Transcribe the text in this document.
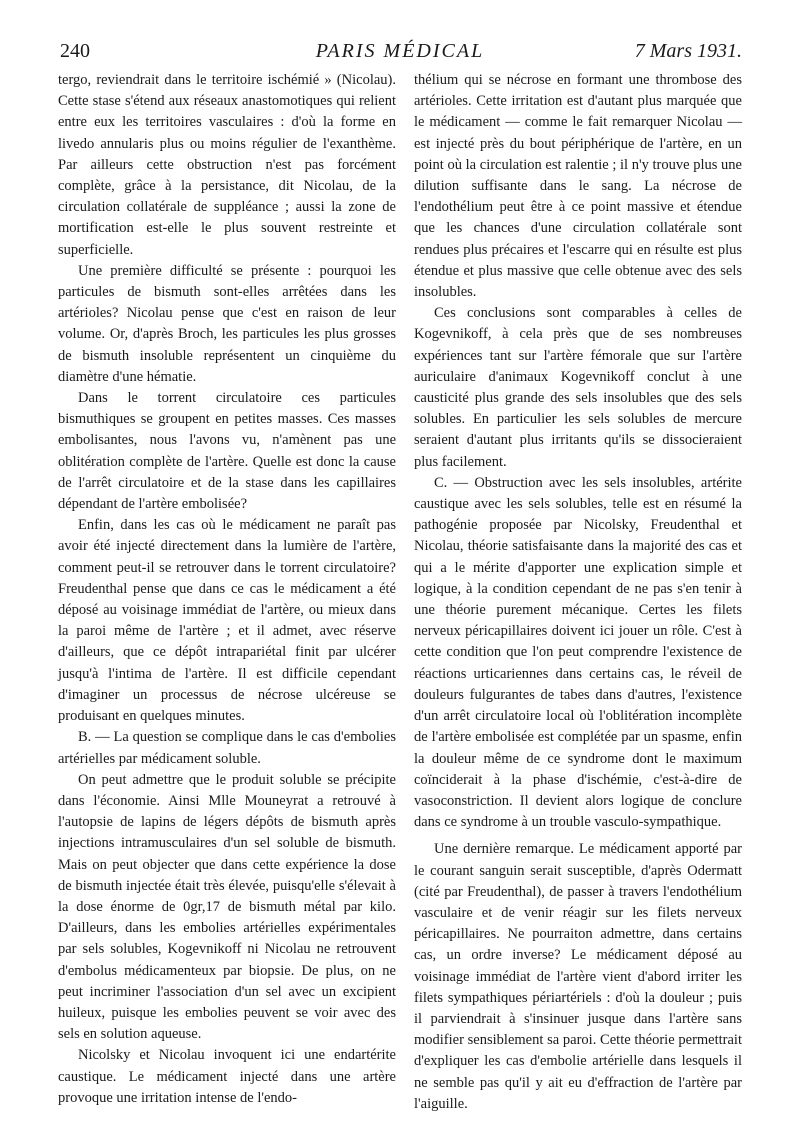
240	PARIS MÉDICAL	7 Mars 1931.

tergo, reviendrait dans le territoire ischémié » (Nicolau). Cette stase s'étend aux réseaux anastomotiques qui relient entre eux les territoires vasculaires : d'où la forme en livedo annularis plus ou moins régulier de l'exanthème. Par ailleurs cette obstruction n'est pas forcément complète, grâce à la persistance, dit Nicolau, de la circulation collatérale de suppléance ; aussi la zone de mortification est-elle le plus souvent restreinte et superficielle.

Une première difficulté se présente : pourquoi les particules de bismuth sont-elles arrêtées dans les artérioles? Nicolau pense que c'est en raison de leur volume. Or, d'après Broch, les particules les plus grosses de bismuth insoluble représentent un cinquième du diamètre d'une hématie.

Dans le torrent circulatoire ces particules bismuthiques se groupent en petites masses. Ces masses embolisantes, nous l'avons vu, n'amènent pas une oblitération complète de l'artère. Quelle est donc la cause de l'arrêt circulatoire et de la stase dans les capillaires dépendant de l'artère embolisée?

Enfin, dans les cas où le médicament ne paraît pas avoir été injecté directement dans la lumière de l'artère, comment peut-il se retrouver dans le torrent circulatoire? Freudenthal pense que dans ce cas le médicament a été déposé au voisinage immédiat de l'artère, ou mieux dans la paroi même de l'artère ; et il admet, avec réserve d'ailleurs, que ce dépôt intrapariétal finit par ulcérer jusqu'à l'intima de l'artère. Il est difficile cependant d'imaginer un processus de nécrose ulcéreuse se produisant en quelques minutes.

B. — La question se complique dans le cas d'embolies artérielles par médicament soluble.

On peut admettre que le produit soluble se précipite dans l'économie. Ainsi Mlle Mouneyrat a retrouvé à l'autopsie de lapins de légers dépôts de bismuth après injections intramusculaires d'un sel soluble de bismuth. Mais on peut objecter que dans cette expérience la dose de bismuth injectée était très élevée, puisqu'elle s'élevait à la dose énorme de 0gr,17 de bismuth métal par kilo. D'ailleurs, dans les embolies artérielles expérimentales par sels solubles, Kogevnikoff ni Nicolau ne retrouvent d'embolus médicamenteux par biopsie. De plus, on ne peut incriminer l'association d'un sel avec un excipient huileux, puisque les embolies peuvent se voir avec des sels en solution aqueuse.

Nicolsky et Nicolau invoquent ici une endartérite caustique. Le médicament injecté dans une artère provoque une irritation intense de l'endo-

thélium qui se nécrose en formant une thrombose des artérioles. Cette irritation est d'autant plus marquée que le médicament — comme le fait remarquer Nicolau — est injecté près du bout périphérique de l'artère, en un point où la circulation est ralentie ; il n'y trouve plus une dilution suffisante dans le sang. La nécrose de l'endothélium peut être à ce point massive et étendue que les chances d'une circulation collatérale sont rendues plus précaires et l'escarre qui en résulte est plus étendue et plus massive que celle obtenue avec des sels insolubles.

Ces conclusions sont comparables à celles de Kogevnikoff, à cela près que de ses nombreuses expériences tant sur l'artère fémorale que sur l'artère auriculaire d'animaux Kogevnikoff conclut à une causticité plus grande des sels insolubles que des sels solubles. En particulier les sels solubles de mercure seraient d'autant plus irritants qu'ils se dissocieraient plus facilement.

C. — Obstruction avec les sels insolubles, artérite caustique avec les sels solubles, telle est en résumé la pathogénie proposée par Nicolsky, Freudenthal et Nicolau, théorie satisfaisante dans la majorité des cas et qui a le mérite d'apporter une explication simple et logique, à la condition cependant de ne pas s'en tenir à une théorie purement mécanique. Certes les filets nerveux péricapillaires doivent ici jouer un rôle. C'est à cette condition que l'on peut comprendre l'existence de réactions urticariennes dans certains cas, le réveil de douleurs fulgurantes de tabes dans d'autres, l'existence d'un arrêt circulatoire local où l'oblitération incomplète de l'artère embolisée est complétée par un spasme, enfin la douleur même de ce syndrome dont le maximum coïnciderait à la phase d'ischémie, c'est-à-dire de vasoconstriction. Il devient alors logique de conclure dans ce syndrome à un trouble vasculo-sympathique.

Une dernière remarque. Le médicament apporté par le courant sanguin serait susceptible, d'après Odermatt (cité par Freudenthal), de passer à travers l'endothélium vasculaire et de venir réagir sur les filets nerveux péricapillaires. Ne pourraiton admettre, dans certains cas, un ordre inverse? Le médicament déposé au voisinage immédiat de l'artère vient d'abord irriter les filets sympathiques périartériels : d'où la douleur ; puis il parviendrait à s'insinuer jusque dans l'artère sans modifier sensiblement sa paroi. Cette théorie permettrait d'expliquer les cas d'embolie artérielle dans lesquels il ne semble pas qu'il y ait eu d'effraction de l'artère par l'aiguille.
